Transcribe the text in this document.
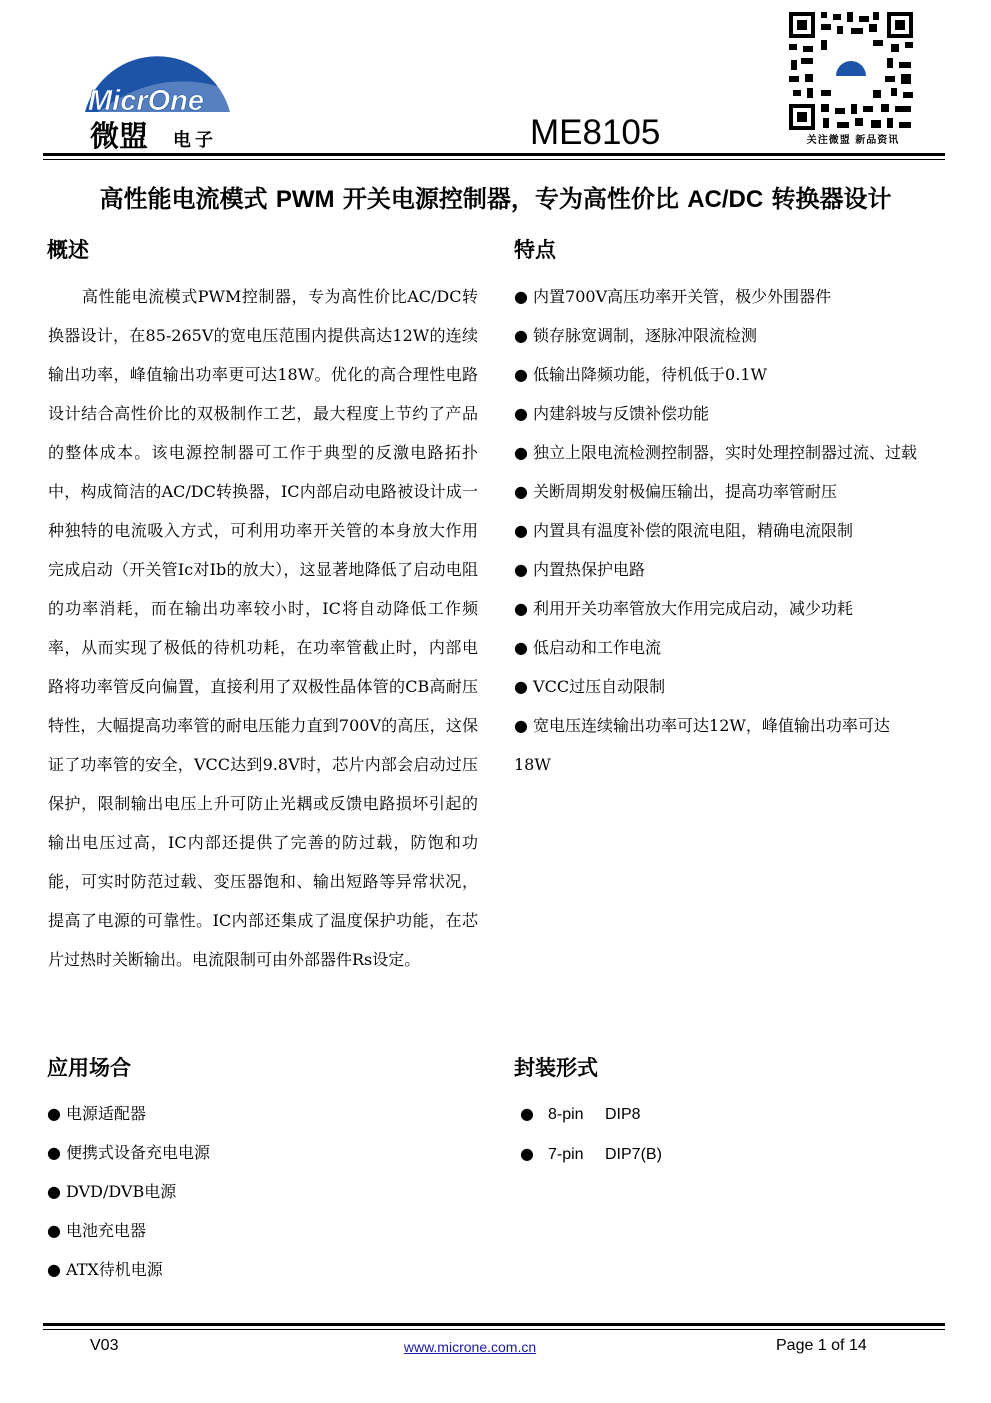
MicrOne
微盟 电子	ME8105	关注微盟 新品资讯
高性能电流模式 PWM 开关电源控制器，专为高性价比 AC/DC 转换器设计
概述
高性能电流模式PWM控制器，专为高性价比AC/DC转换器设计，在85-265V的宽电压范围内提供高达12W的连续输出功率，峰值输出功率更可达18W。优化的高合理性电路设计结合高性价比的双极制作工艺，最大程度上节约了产品的整体成本。该电源控制器可工作于典型的反激电路拓扑中，构成简洁的AC/DC转换器，IC内部启动电路被设计成一种独特的电流吸入方式，可利用功率开关管的本身放大作用完成启动（开关管Ic对Ib的放大），这显著地降低了启动电阻的功率消耗，而在输出功率较小时，IC将自动降低工作频率，从而实现了极低的待机功耗，在功率管截止时，内部电路将功率管反向偏置，直接利用了双极性晶体管的CB高耐压特性，大幅提高功率管的耐电压能力直到700V的高压，这保证了功率管的安全，VCC达到9.8V时，芯片内部会启动过压保护，限制输出电压上升可防止光耦或反馈电路损坏引起的输出电压过高，IC内部还提供了完善的防过载，防饱和功能，可实时防范过载、变压器饱和、输出短路等异常状况，提高了电源的可靠性。IC内部还集成了温度保护功能，在芯片过热时关断输出。电流限制可由外部器件Rs设定。
特点
● 内置700V高压功率开关管，极少外围器件
● 锁存脉宽调制，逐脉冲限流检测
● 低输出降频功能，待机低于0.1W
● 内建斜坡与反馈补偿功能
● 独立上限电流检测控制器，实时处理控制器过流、过载
● 关断周期发射极偏压输出，提高功率管耐压
● 内置具有温度补偿的限流电阻，精确电流限制
● 内置热保护电路
● 利用开关功率管放大作用完成启动，减少功耗
● 低启动和工作电流
● VCC过压自动限制
● 宽电压连续输出功率可达12W，峰值输出功率可达18W
应用场合
● 电源适配器
● 便携式设备充电电源
● DVD/DVB电源
● 电池充电器
● ATX待机电源
封装形式
● 8-pin DIP8
● 7-pin DIP7(B)
V03	www.microne.com.cn	Page 1 of 14
